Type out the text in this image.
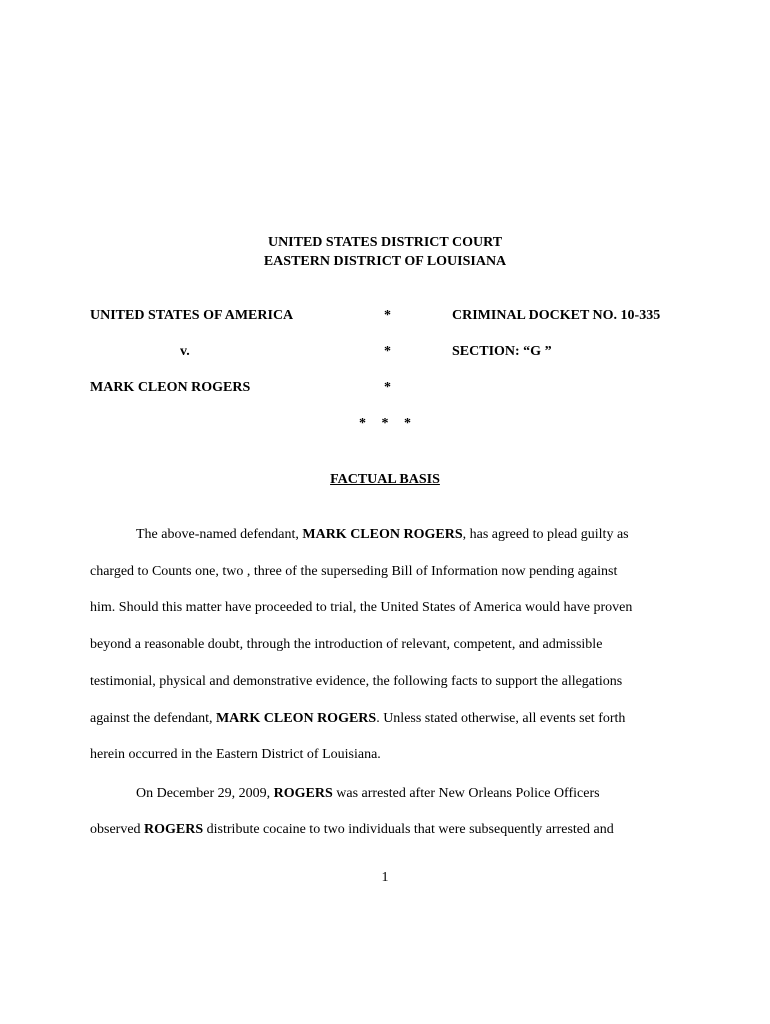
UNITED STATES DISTRICT COURT
EASTERN DISTRICT OF LOUISIANA
UNITED STATES OF AMERICA	*	CRIMINAL DOCKET NO. 10-335
v.	*	SECTION: “G ”
MARK CLEON ROGERS	*
* * *
FACTUAL BASIS
The above-named defendant, MARK CLEON ROGERS, has agreed to plead guilty as
charged to Counts one, two , three of the superseding Bill of Information now pending against
him. Should this matter have proceeded to trial, the United States of America would have proven
beyond a reasonable doubt, through the introduction of relevant, competent, and admissible
testimonial, physical and demonstrative evidence, the following facts to support the allegations
against the defendant, MARK CLEON ROGERS. Unless stated otherwise, all events set forth
herein occurred in the Eastern District of Louisiana.
On December 29, 2009, ROGERS was arrested after New Orleans Police Officers
observed ROGERS distribute cocaine to two individuals that were subsequently arrested and
1
